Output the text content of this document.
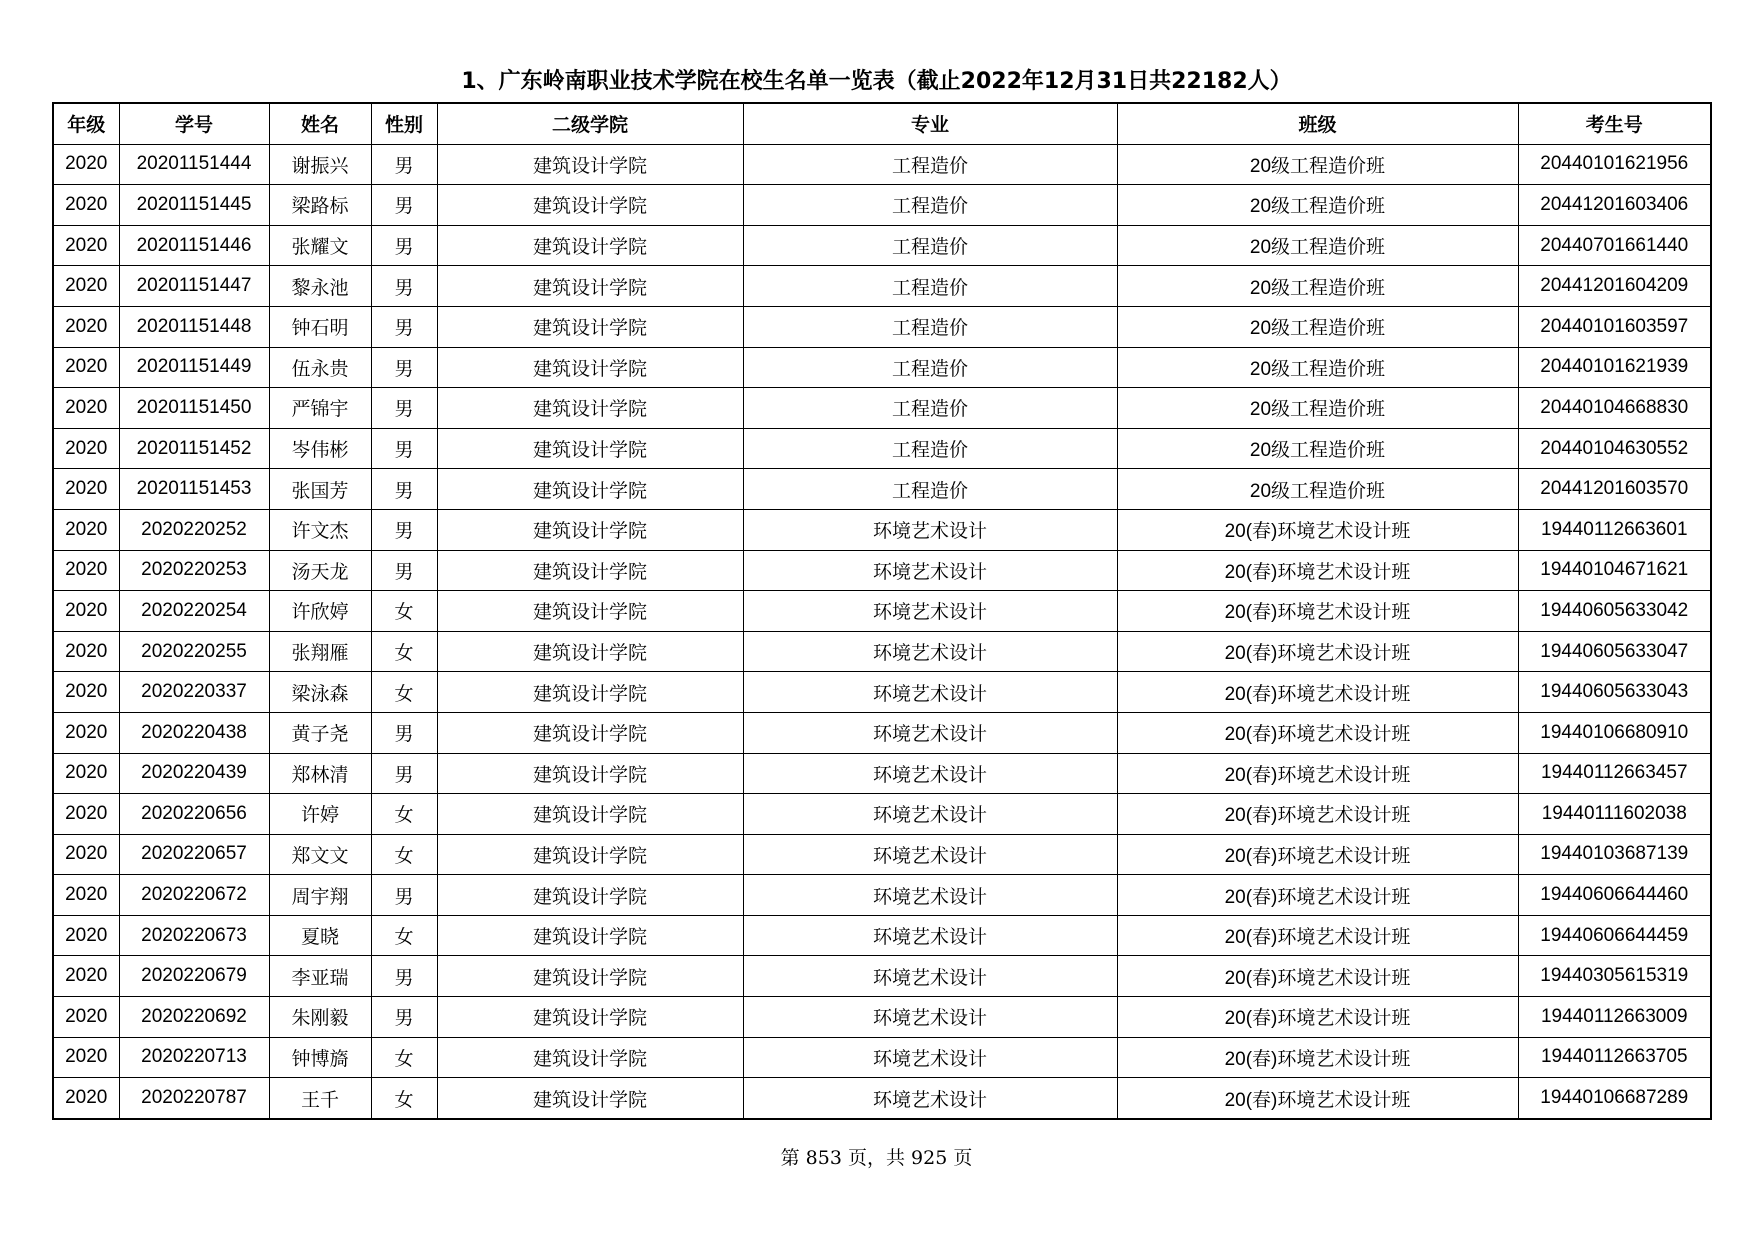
1、广东岭南职业技术学院在校生名单一览表（截止2022年12月31日共22182人）
年级	学号	姓名	性别	二级学院	专业	班级	考生号
2020	20201151444	谢振兴	男	建筑设计学院	工程造价	20级工程造价班	20440101621956
2020	20201151445	梁路标	男	建筑设计学院	工程造价	20级工程造价班	20441201603406
2020	20201151446	张耀文	男	建筑设计学院	工程造价	20级工程造价班	20440701661440
2020	20201151447	黎永池	男	建筑设计学院	工程造价	20级工程造价班	20441201604209
2020	20201151448	钟石明	男	建筑设计学院	工程造价	20级工程造价班	20440101603597
2020	20201151449	伍永贵	男	建筑设计学院	工程造价	20级工程造价班	20440101621939
2020	20201151450	严锦宇	男	建筑设计学院	工程造价	20级工程造价班	20440104668830
2020	20201151452	岑伟彬	男	建筑设计学院	工程造价	20级工程造价班	20440104630552
2020	20201151453	张国芳	男	建筑设计学院	工程造价	20级工程造价班	20441201603570
2020	2020220252	许文杰	男	建筑设计学院	环境艺术设计	20(春)环境艺术设计班	19440112663601
2020	2020220253	汤天龙	男	建筑设计学院	环境艺术设计	20(春)环境艺术设计班	19440104671621
2020	2020220254	许欣婷	女	建筑设计学院	环境艺术设计	20(春)环境艺术设计班	19440605633042
2020	2020220255	张翔雁	女	建筑设计学院	环境艺术设计	20(春)环境艺术设计班	19440605633047
2020	2020220337	梁泳森	女	建筑设计学院	环境艺术设计	20(春)环境艺术设计班	19440605633043
2020	2020220438	黄子尧	男	建筑设计学院	环境艺术设计	20(春)环境艺术设计班	19440106680910
2020	2020220439	郑林清	男	建筑设计学院	环境艺术设计	20(春)环境艺术设计班	19440112663457
2020	2020220656	许婷	女	建筑设计学院	环境艺术设计	20(春)环境艺术设计班	19440111602038
2020	2020220657	郑文文	女	建筑设计学院	环境艺术设计	20(春)环境艺术设计班	19440103687139
2020	2020220672	周宇翔	男	建筑设计学院	环境艺术设计	20(春)环境艺术设计班	19440606644460
2020	2020220673	夏晓	女	建筑设计学院	环境艺术设计	20(春)环境艺术设计班	19440606644459
2020	2020220679	李亚瑞	男	建筑设计学院	环境艺术设计	20(春)环境艺术设计班	19440305615319
2020	2020220692	朱刚毅	男	建筑设计学院	环境艺术设计	20(春)环境艺术设计班	19440112663009
2020	2020220713	钟博旖	女	建筑设计学院	环境艺术设计	20(春)环境艺术设计班	19440112663705
2020	2020220787	王千	女	建筑设计学院	环境艺术设计	20(春)环境艺术设计班	19440106687289
第 853 页，共 925 页
